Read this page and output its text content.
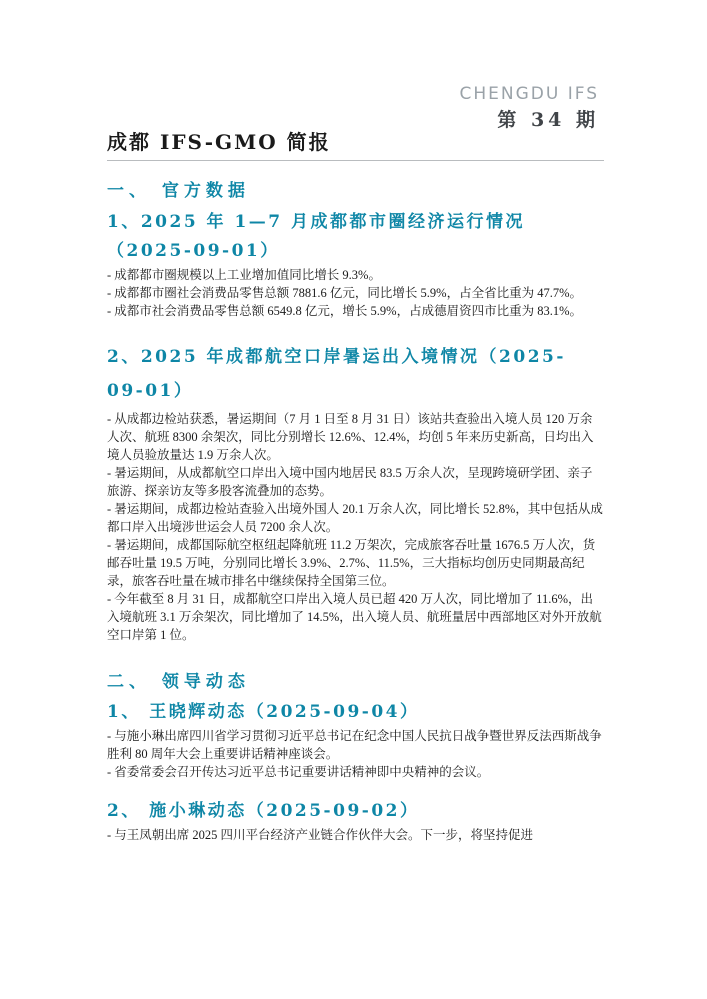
CHENGDU IFS
第 34 期
成都 IFS-GMO 简报
一、 官方数据
1、2025 年 1—7 月成都都市圈经济运行情况（2025-09-01）

- 成都都市圈规模以上工业增加值同比增长 9.3%。

- 成都都市圈社会消费品零售总额 7881.6 亿元，同比增长 5.9%，占全省比重为 47.7%。

- 成都市社会消费品零售总额 6549.8 亿元，增长 5.9%，占成德眉资四市比重为 83.1%。

2、2025 年成都航空口岸暑运出入境情况（2025-09-01）

- 从成都边检站获悉，暑运期间（7 月 1 日至 8 月 31 日）该站共查验出入境人员 120 万余人次、航班 8300 余架次，同比分别增长 12.6%、12.4%，均创 5 年来历史新高，日均出入境人员验放量达 1.9 万余人次。

- 暑运期间，从成都航空口岸出入境中国内地居民 83.5 万余人次，呈现跨境研学团、亲子旅游、探亲访友等多股客流叠加的态势。

- 暑运期间，成都边检站查验入出境外国人 20.1 万余人次，同比增长 52.8%，其中包括从成都口岸入出境涉世运会人员 7200 余人次。

- 暑运期间，成都国际航空枢纽起降航班 11.2 万架次，完成旅客吞吐量 1676.5 万人次，货邮吞吐量 19.5 万吨，分别同比增长 3.9%、2.7%、11.5%，三大指标均创历史同期最高纪录，旅客吞吐量在城市排名中继续保持全国第三位。

- 今年截至 8 月 31 日，成都航空口岸出入境人员已超 420 万人次，同比增加了 11.6%，出入境航班 3.1 万余架次，同比增加了 14.5%，出入境人员、航班量居中西部地区对外开放航空口岸第 1 位。

二、 领导动态
1、 王晓辉动态（2025-09-04）

- 与施小琳出席四川省学习贯彻习近平总书记在纪念中国人民抗日战争暨世界反法西斯战争胜利 80 周年大会上重要讲话精神座谈会。

- 省委常委会召开传达习近平总书记重要讲话精神即中央精神的会议。

2、 施小琳动态（2025-09-02）

- 与王凤朝出席 2025 四川平台经济产业链合作伙伴大会。下一步，将坚持促进
